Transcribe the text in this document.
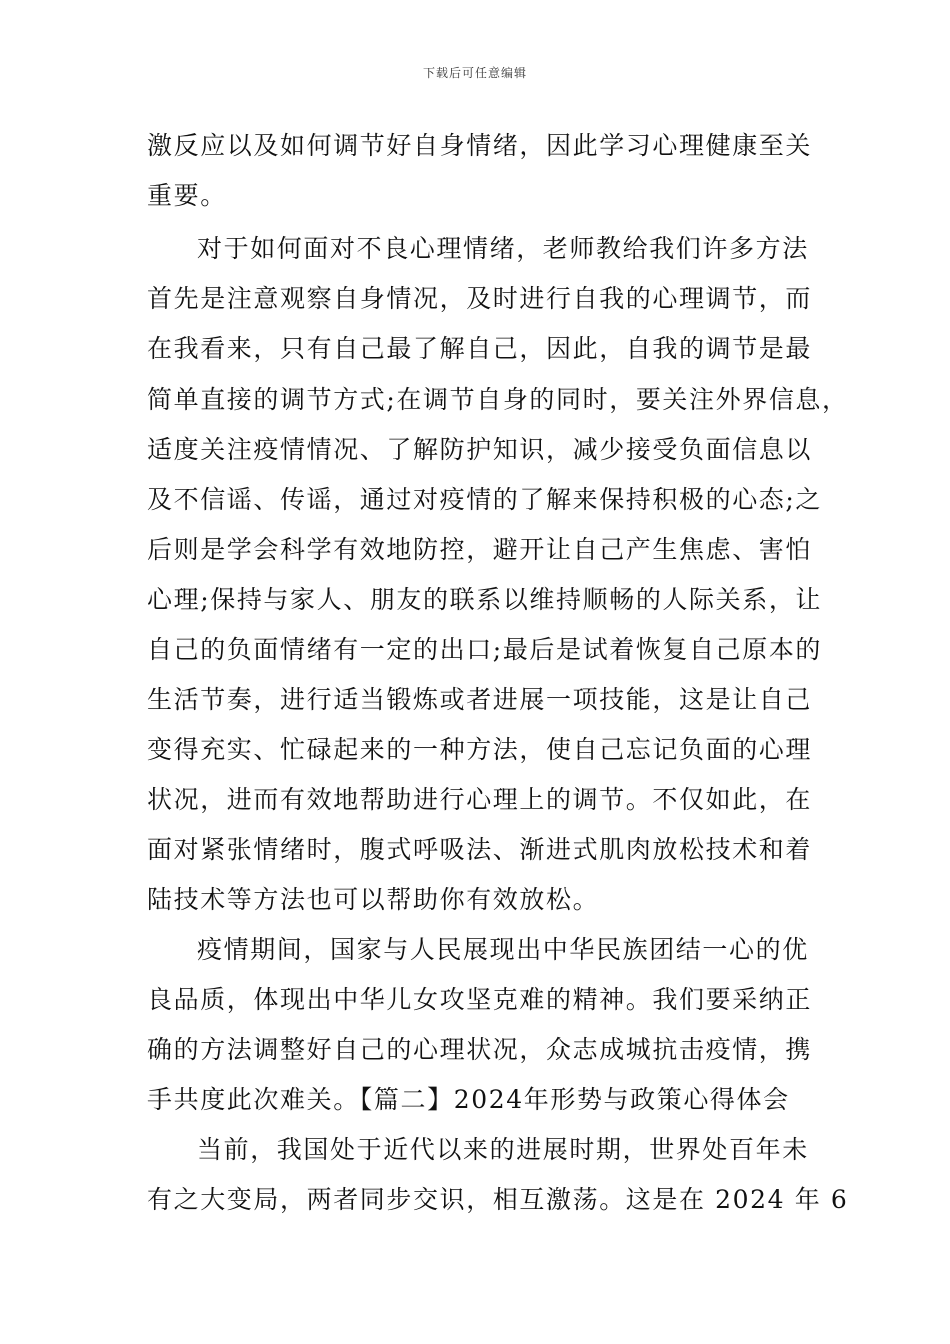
下载后可任意编辑
激反应以及如何调节好自身情绪，因此学习心理健康至关
重要。
对于如何面对不良心理情绪，老师教给我们许多方法
首先是注意观察自身情况，及时进行自我的心理调节，而
在我看来，只有自己最了解自己，因此，自我的调节是最
简单直接的调节方式;在调节自身的同时，要关注外界信息，
适度关注疫情情况、了解防护知识，减少接受负面信息以
及不信谣、传谣，通过对疫情的了解来保持积极的心态;之
后则是学会科学有效地防控，避开让自己产生焦虑、害怕
心理;保持与家人、朋友的联系以维持顺畅的人际关系，让
自己的负面情绪有一定的出口;最后是试着恢复自己原本的
生活节奏，进行适当锻炼或者进展一项技能，这是让自己
变得充实、忙碌起来的一种方法，使自己忘记负面的心理
状况，进而有效地帮助进行心理上的调节。不仅如此，在
面对紧张情绪时，腹式呼吸法、渐进式肌肉放松技术和着
陆技术等方法也可以帮助你有效放松。
疫情期间，国家与人民展现出中华民族团结一心的优
良品质，体现出中华儿女攻坚克难的精神。我们要采纳正
确的方法调整好自己的心理状况，众志成城抗击疫情，携
手共度此次难关。【篇二】2024年形势与政策心得体会
当前，我国处于近代以来的进展时期，世界处百年未
有之大变局，两者同步交识，相互激荡。这是在 2024 年 6
